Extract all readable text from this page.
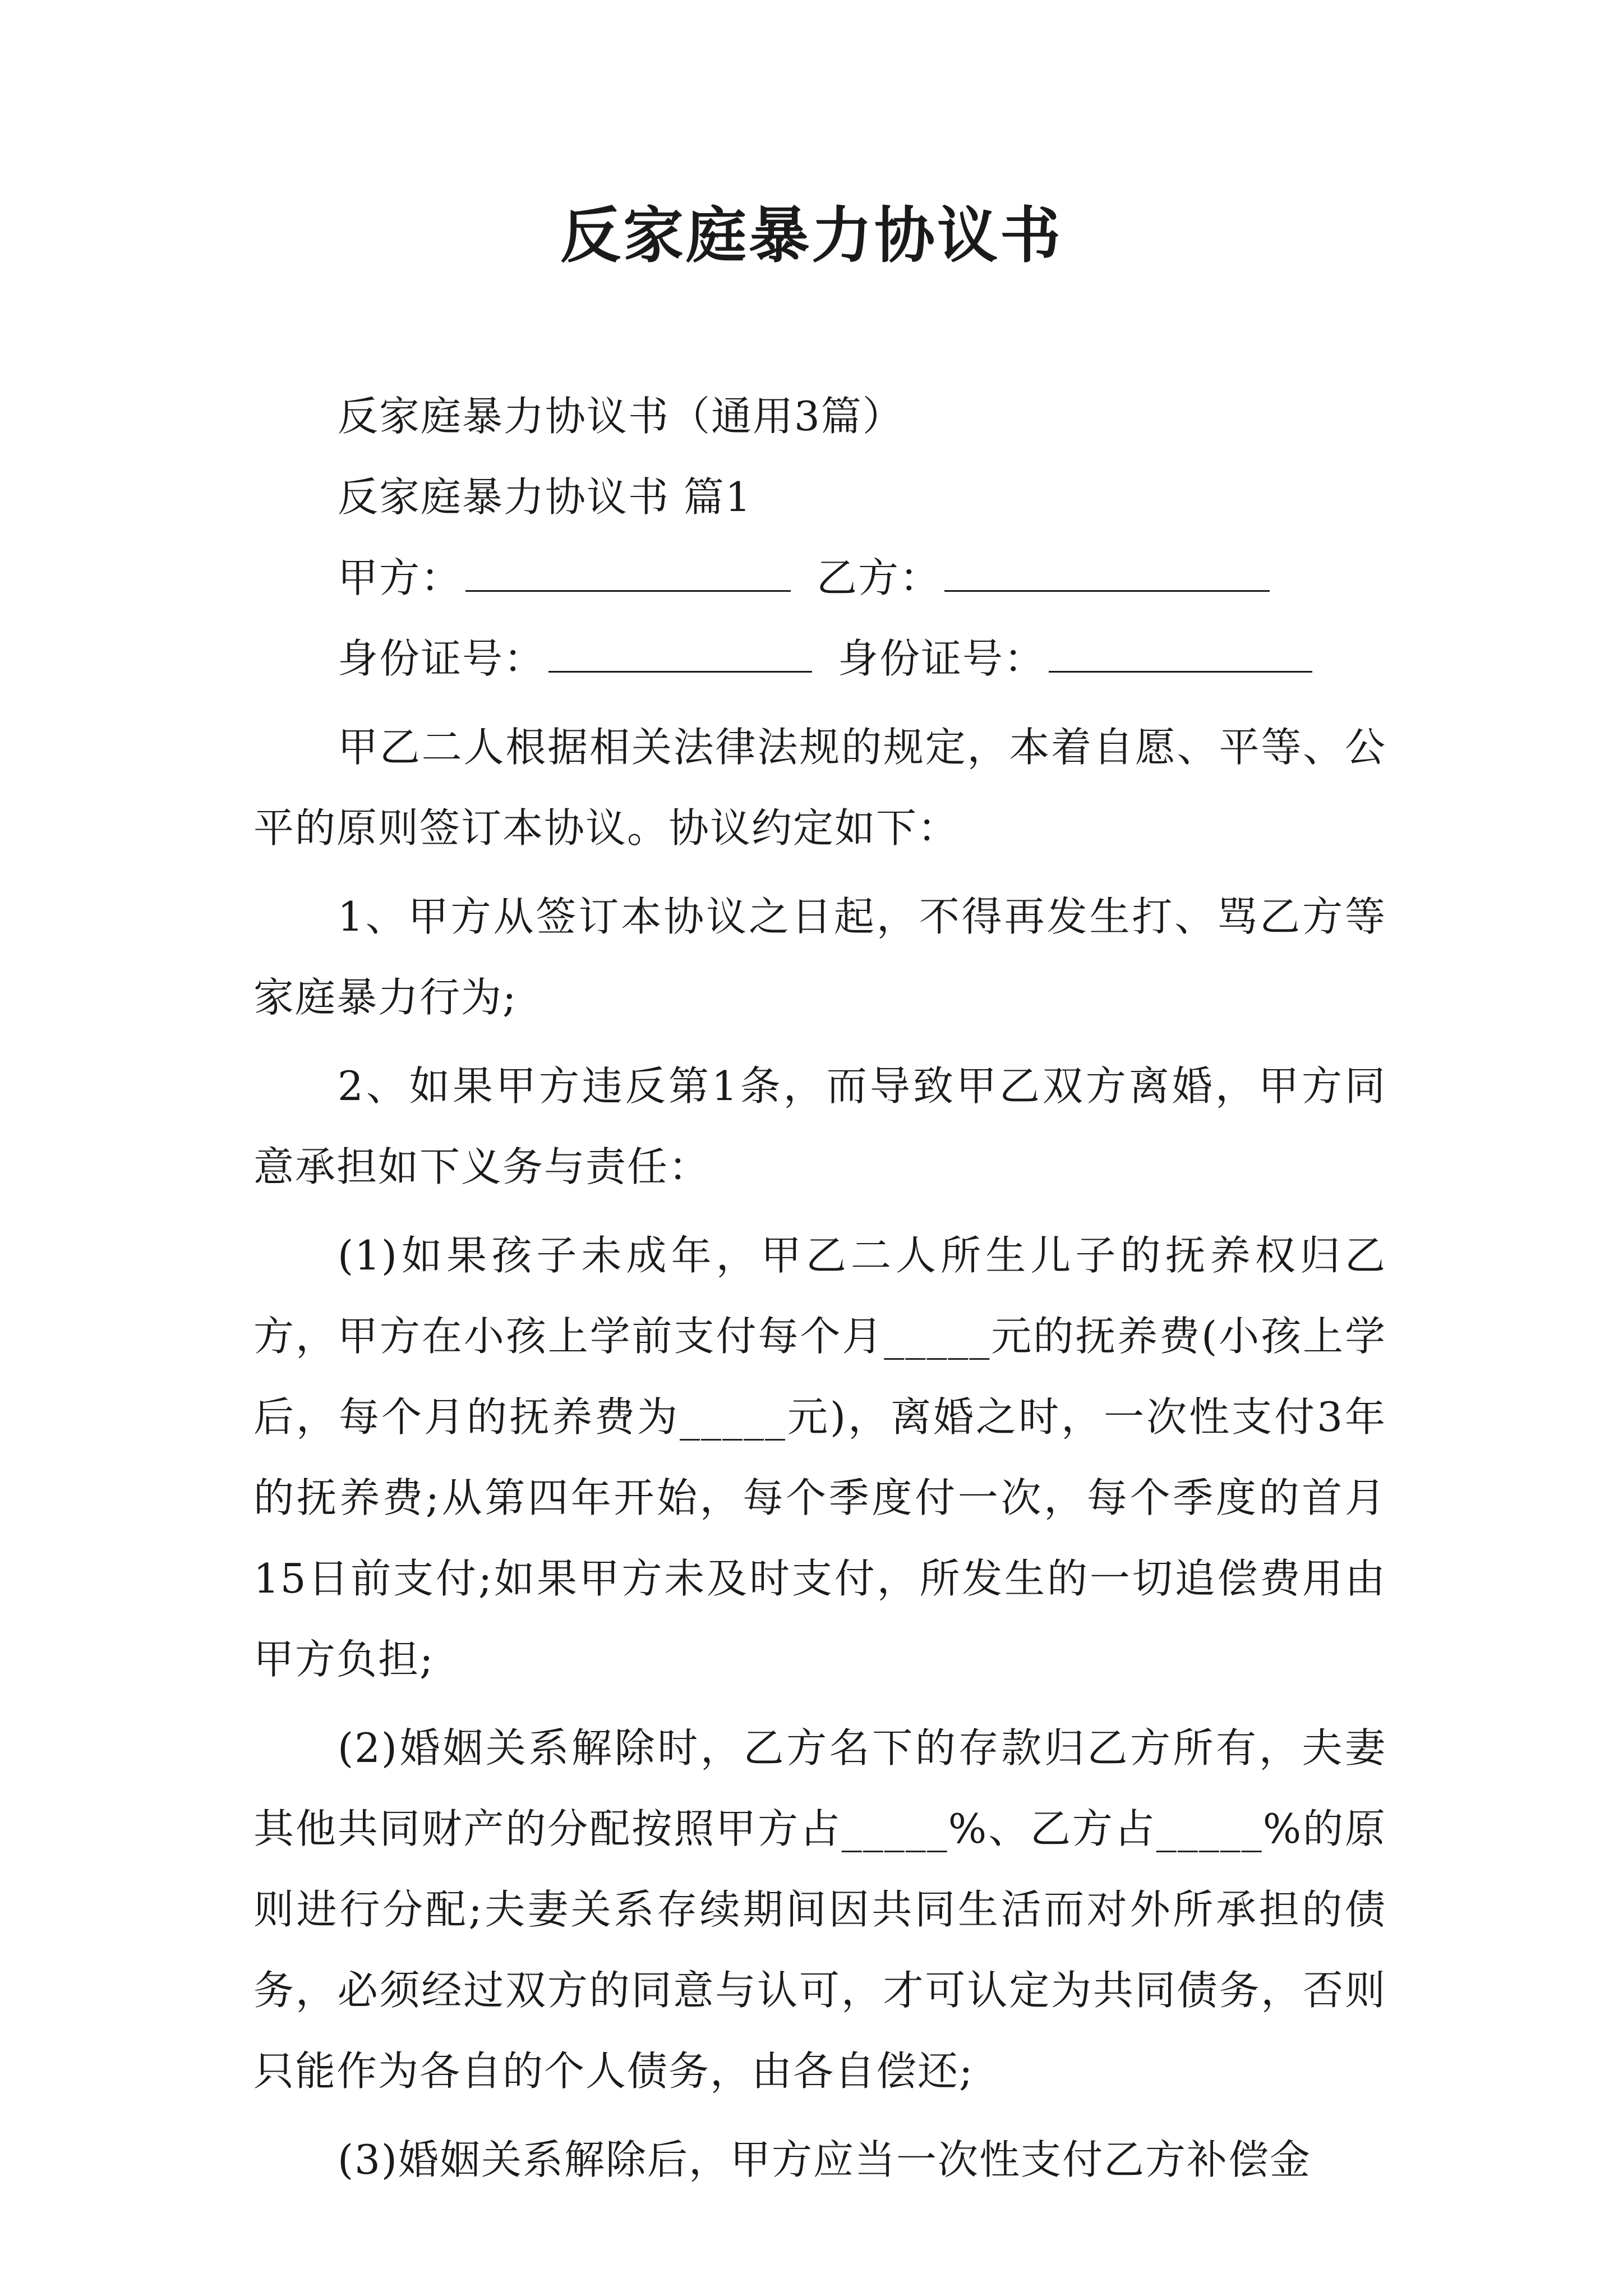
反家庭暴力协议书
反家庭暴力协议书（通用3篇）
反家庭暴力协议书 篇1
甲方：	乙方：
身份证号：	身份证号：
甲乙二人根据相关法律法规的规定，本着自愿、平等、公平的原则签订本协议。协议约定如下：
1、甲方从签订本协议之日起，不得再发生打、骂乙方等家庭暴力行为;
2、如果甲方违反第1条，而导致甲乙双方离婚，甲方同意承担如下义务与责任：
(1)如果孩子未成年，甲乙二人所生儿子的抚养权归乙方，甲方在小孩上学前支付每个月_____元的抚养费(小孩上学后，每个月的抚养费为_____元)，离婚之时，一次性支付3年的抚养费;从第四年开始，每个季度付一次，每个季度的首月15日前支付;如果甲方未及时支付，所发生的一切追偿费用由甲方负担;
(2)婚姻关系解除时，乙方名下的存款归乙方所有，夫妻其他共同财产的分配按照甲方占_____%、乙方占_____%的原则进行分配;夫妻关系存续期间因共同生活而对外所承担的债务，必须经过双方的同意与认可，才可认定为共同债务，否则只能作为各自的个人债务，由各自偿还;
(3)婚姻关系解除后，甲方应当一次性支付乙方补偿金
